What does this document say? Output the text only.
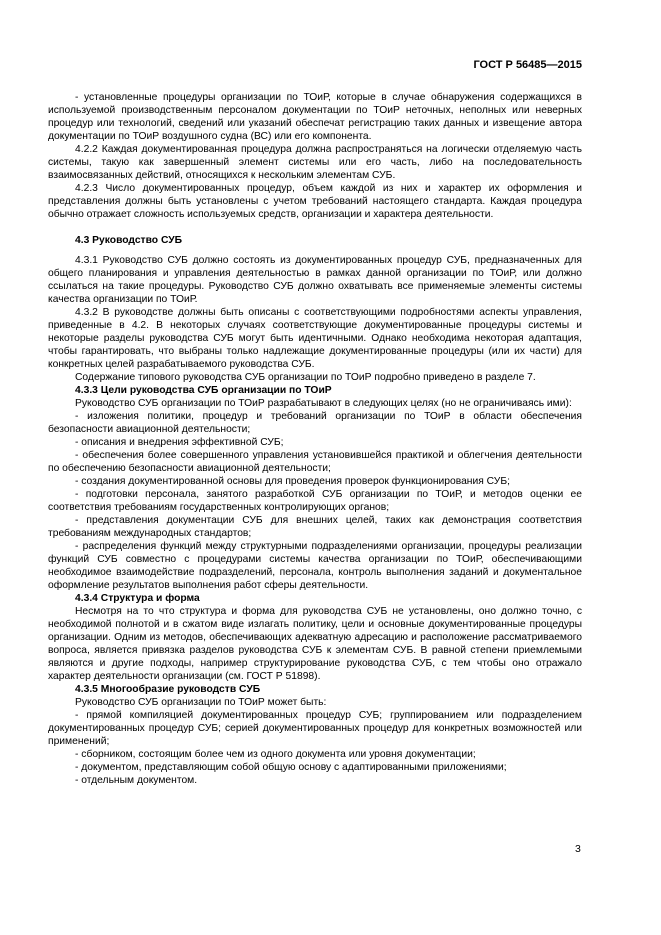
ГОСТ Р 56485—2015

- установленные процедуры организации по ТОиР, которые в случае обнаружения содержащихся в используемой производственным персоналом документации по ТОиР неточных, неполных или неверных процедур или технологий, сведений или указаний обеспечат регистрацию таких данных и извещение автора документации по ТОиР воздушного судна (ВС) или его компонента.

4.2.2 Каждая документированная процедура должна распространяться на логически отделяемую часть системы, такую как завершенный элемент системы или его часть, либо на последовательность взаимосвязанных действий, относящихся к нескольким элементам СУБ.

4.2.3 Число документированных процедур, объем каждой из них и характер их оформления и представления должны быть установлены с учетом требований настоящего стандарта. Каждая процедура обычно отражает сложность используемых средств, организации и характера деятельности.

4.3 Руководство СУБ

4.3.1 Руководство СУБ должно состоять из документированных процедур СУБ, предназначенных для общего планирования и управления деятельностью в рамках данной организации по ТОиР, или должно ссылаться на такие процедуры. Руководство СУБ должно охватывать все применяемые элементы системы качества организации по ТОиР.

4.3.2 В руководстве должны быть описаны с соответствующими подробностями аспекты управления, приведенные в 4.2. В некоторых случаях соответствующие документированные процедуры системы и некоторые разделы руководства СУБ могут быть идентичными. Однако необходима некоторая адаптация, чтобы гарантировать, что выбраны только надлежащие документированные процедуры (или их части) для конкретных целей разрабатываемого руководства СУБ.

Содержание типового руководства СУБ организации по ТОиР подробно приведено в разделе 7.

4.3.3 Цели руководства СУБ организации по ТОиР

Руководство СУБ организации по ТОиР разрабатывают в следующих целях (но не ограничиваясь ими):

- изложения политики, процедур и требований организации по ТОиР в области обеспечения безопасности авиационной деятельности;

- описания и внедрения эффективной СУБ;

- обеспечения более совершенного управления установившейся практикой и облегчения деятельности по обеспечению безопасности авиационной деятельности;

- создания документированной основы для проведения проверок функционирования СУБ;

- подготовки персонала, занятого разработкой СУБ организации по ТОиР, и методов оценки ее соответствия требованиям государственных контролирующих органов;

- представления документации СУБ для внешних целей, таких как демонстрация соответствия требованиям международных стандартов;

- распределения функций между структурными подразделениями организации, процедуры реализации функций СУБ совместно с процедурами системы качества организации по ТОиР, обеспечивающими необходимое взаимодействие подразделений, персонала, контроль выполнения заданий и документальное оформление результатов выполнения работ сферы деятельности.

4.3.4 Структура и форма

Несмотря на то что структура и форма для руководства СУБ не установлены, оно должно точно, с необходимой полнотой и в сжатом виде излагать политику, цели и основные документированные процедуры организации. Одним из методов, обеспечивающих адекватную адресацию и расположение рассматриваемого вопроса, является привязка разделов руководства СУБ к элементам СУБ. В равной степени приемлемыми являются и другие подходы, например структурирование руководства СУБ, с тем чтобы оно отражало характер деятельности организации (см. ГОСТ Р 51898).

4.3.5 Многообразие руководств СУБ

Руководство СУБ организации по ТОиР может быть:

- прямой компиляцией документированных процедур СУБ; группированием или подразделением документированных процедур СУБ; серией документированных процедур для конкретных возможностей или применений;

- сборником, состоящим более чем из одного документа или уровня документации;

- документом, представляющим собой общую основу с адаптированными приложениями;

- отдельным документом.

3
